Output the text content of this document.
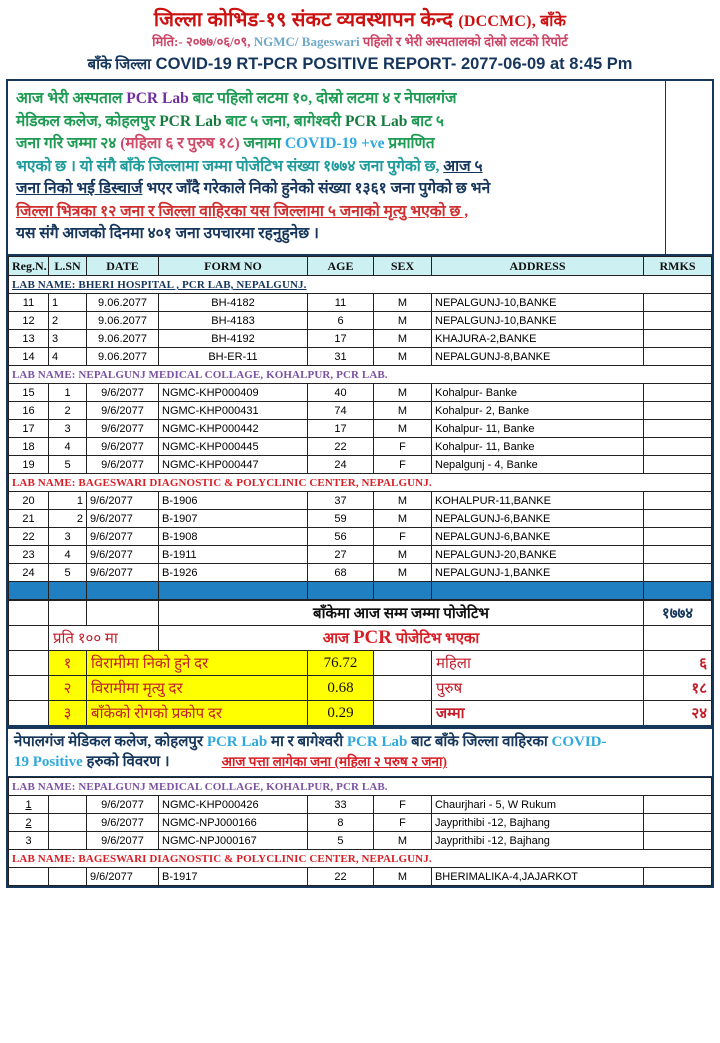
जिल्ला कोभिड-१९ संकट व्यवस्थापन केन्द (DCCMC), बाँके
मिति:- २०७७/०६/०९, NGMC/ Bageswari पहिलो र भेरी अस्पतालको दोस्रो लटको रिपोर्ट
बाँके जिल्ला COVID-19 RT-PCR POSITIVE REPORT- 2077-06-09 at 8:45 Pm
आज भेरी अस्पताल PCR Lab बाट पहिलो लटमा १०, दोस्रो लटमा ४ र नेपालगंज
मेडिकल कलेज, कोहलपुर PCR Lab बाट ५ जना, बागेश्वरी PCR Lab बाट ५
जना गरि जम्मा २४ (महिला ६ र पुरुष १८) जनामा COVID-19 +ve प्रमाणित
भएको छ । यो संगै बाँके जिल्लामा जम्मा पोजेटिभ संख्या १७७४ जना पुगेको छ, आज ५
जना निको भई डिस्चार्ज भएर जाँदै गरेकाले निको हुनेको संख्या १३६१ जना पुगेको छ भने
जिल्ला भित्रका १२ जना र जिल्ला वाहिरका यस जिल्लामा ५ जनाको मृत्यु भएको छ ,
यस संगै आजको दिनमा ४०१ जना उपचारमा रहनुहुनेछ ।
LAB NAME: BHERI HOSPITAL , PCR LAB, NEPALGUNJ.							
Reg.N.	L.SN	DATE	FORM NO	AGE	SEX	ADDRESS	RMKS
11	1	9.06.2077	BH-4182	11	M	NEPALGUNJ-10,BANKE	
12	2	9.06.2077	BH-4183	6	M	NEPALGUNJ-10,BANKE	
13	3	9.06.2077	BH-4192	17	M	KHAJURA-2,BANKE	
14	4	9.06.2077	BH-ER-11	31	M	NEPALGUNJ-8,BANKE	
LAB NAME: NEPALGUNJ MEDICAL COLLAGE, KOHALPUR, PCR LAB.							
15	1	9/6/2077	NGMC-KHP000409	40	M	Kohalpur- Banke	
16	2	9/6/2077	NGMC-KHP000431	74	M	Kohalpur- 2, Banke	
17	3	9/6/2077	NGMC-KHP000442	17	M	Kohalpur- 11, Banke	
18	4	9/6/2077	NGMC-KHP000445	22	F	Kohalpur- 11, Banke	
19	5	9/6/2077	NGMC-KHP000447	24	F	Nepalgunj - 4, Banke	
LAB NAME: BAGESWARI DIAGNOSTIC & POLYCLINIC CENTER, NEPALGUNJ.							
20	1	9/6/2077	B-1906	37	M	KOHALPUR-11,BANKE	
21	2	9/6/2077	B-1907	59	M	NEPALGUNJ-6,BANKE	
22	3	9/6/2077	B-1908	56	F	NEPALGUNJ-6,BANKE	
23	4	9/6/2077	B-1911	27	M	NEPALGUNJ-20,BANKE	
24	5	9/6/2077	B-1926	68	M	NEPALGUNJ-1,BANKE	

			बाँकेमा आज सम्म जम्मा पोजेटिभ				१७७४
	प्रति १०० मा		आज PCR पोजेटिभ भएका				
	१	विरामीमा निको हुने दर		76.72		महिला	६
	२	विरामीमा मृत्यु दर		0.68		पुरुष	१८
	३	बाँकेको रोगको प्रकोप दर		0.29		जम्मा	२४
नेपालगंज मेडिकल कलेज, कोहलपुर PCR Lab मा र बागेश्वरी PCR Lab बाट बाँके जिल्ला वाहिरका COVID-
19 Positive हरुको विवरण ।	आज पत्ता लागेका जना (महिला २ परुष २ जना)
LAB NAME: NEPALGUNJ MEDICAL COLLAGE, KOHALPUR, PCR LAB.							
1		9/6/2077	NGMC-KHP000426	33	F	Chaurjhari - 5, W Rukum	
2		9/6/2077	NGMC-NPJ000166	8	F	Jayprithibi -12, Bajhang	
3		9/6/2077	NGMC-NPJ000167	5	M	Jayprithibi -12, Bajhang	
LAB NAME: BAGESWARI DIAGNOSTIC & POLYCLINIC CENTER, NEPALGUNJ.							
		9/6/2077	B-1917	22	M	BHERIMALIKA-4,JAJARKOT	
